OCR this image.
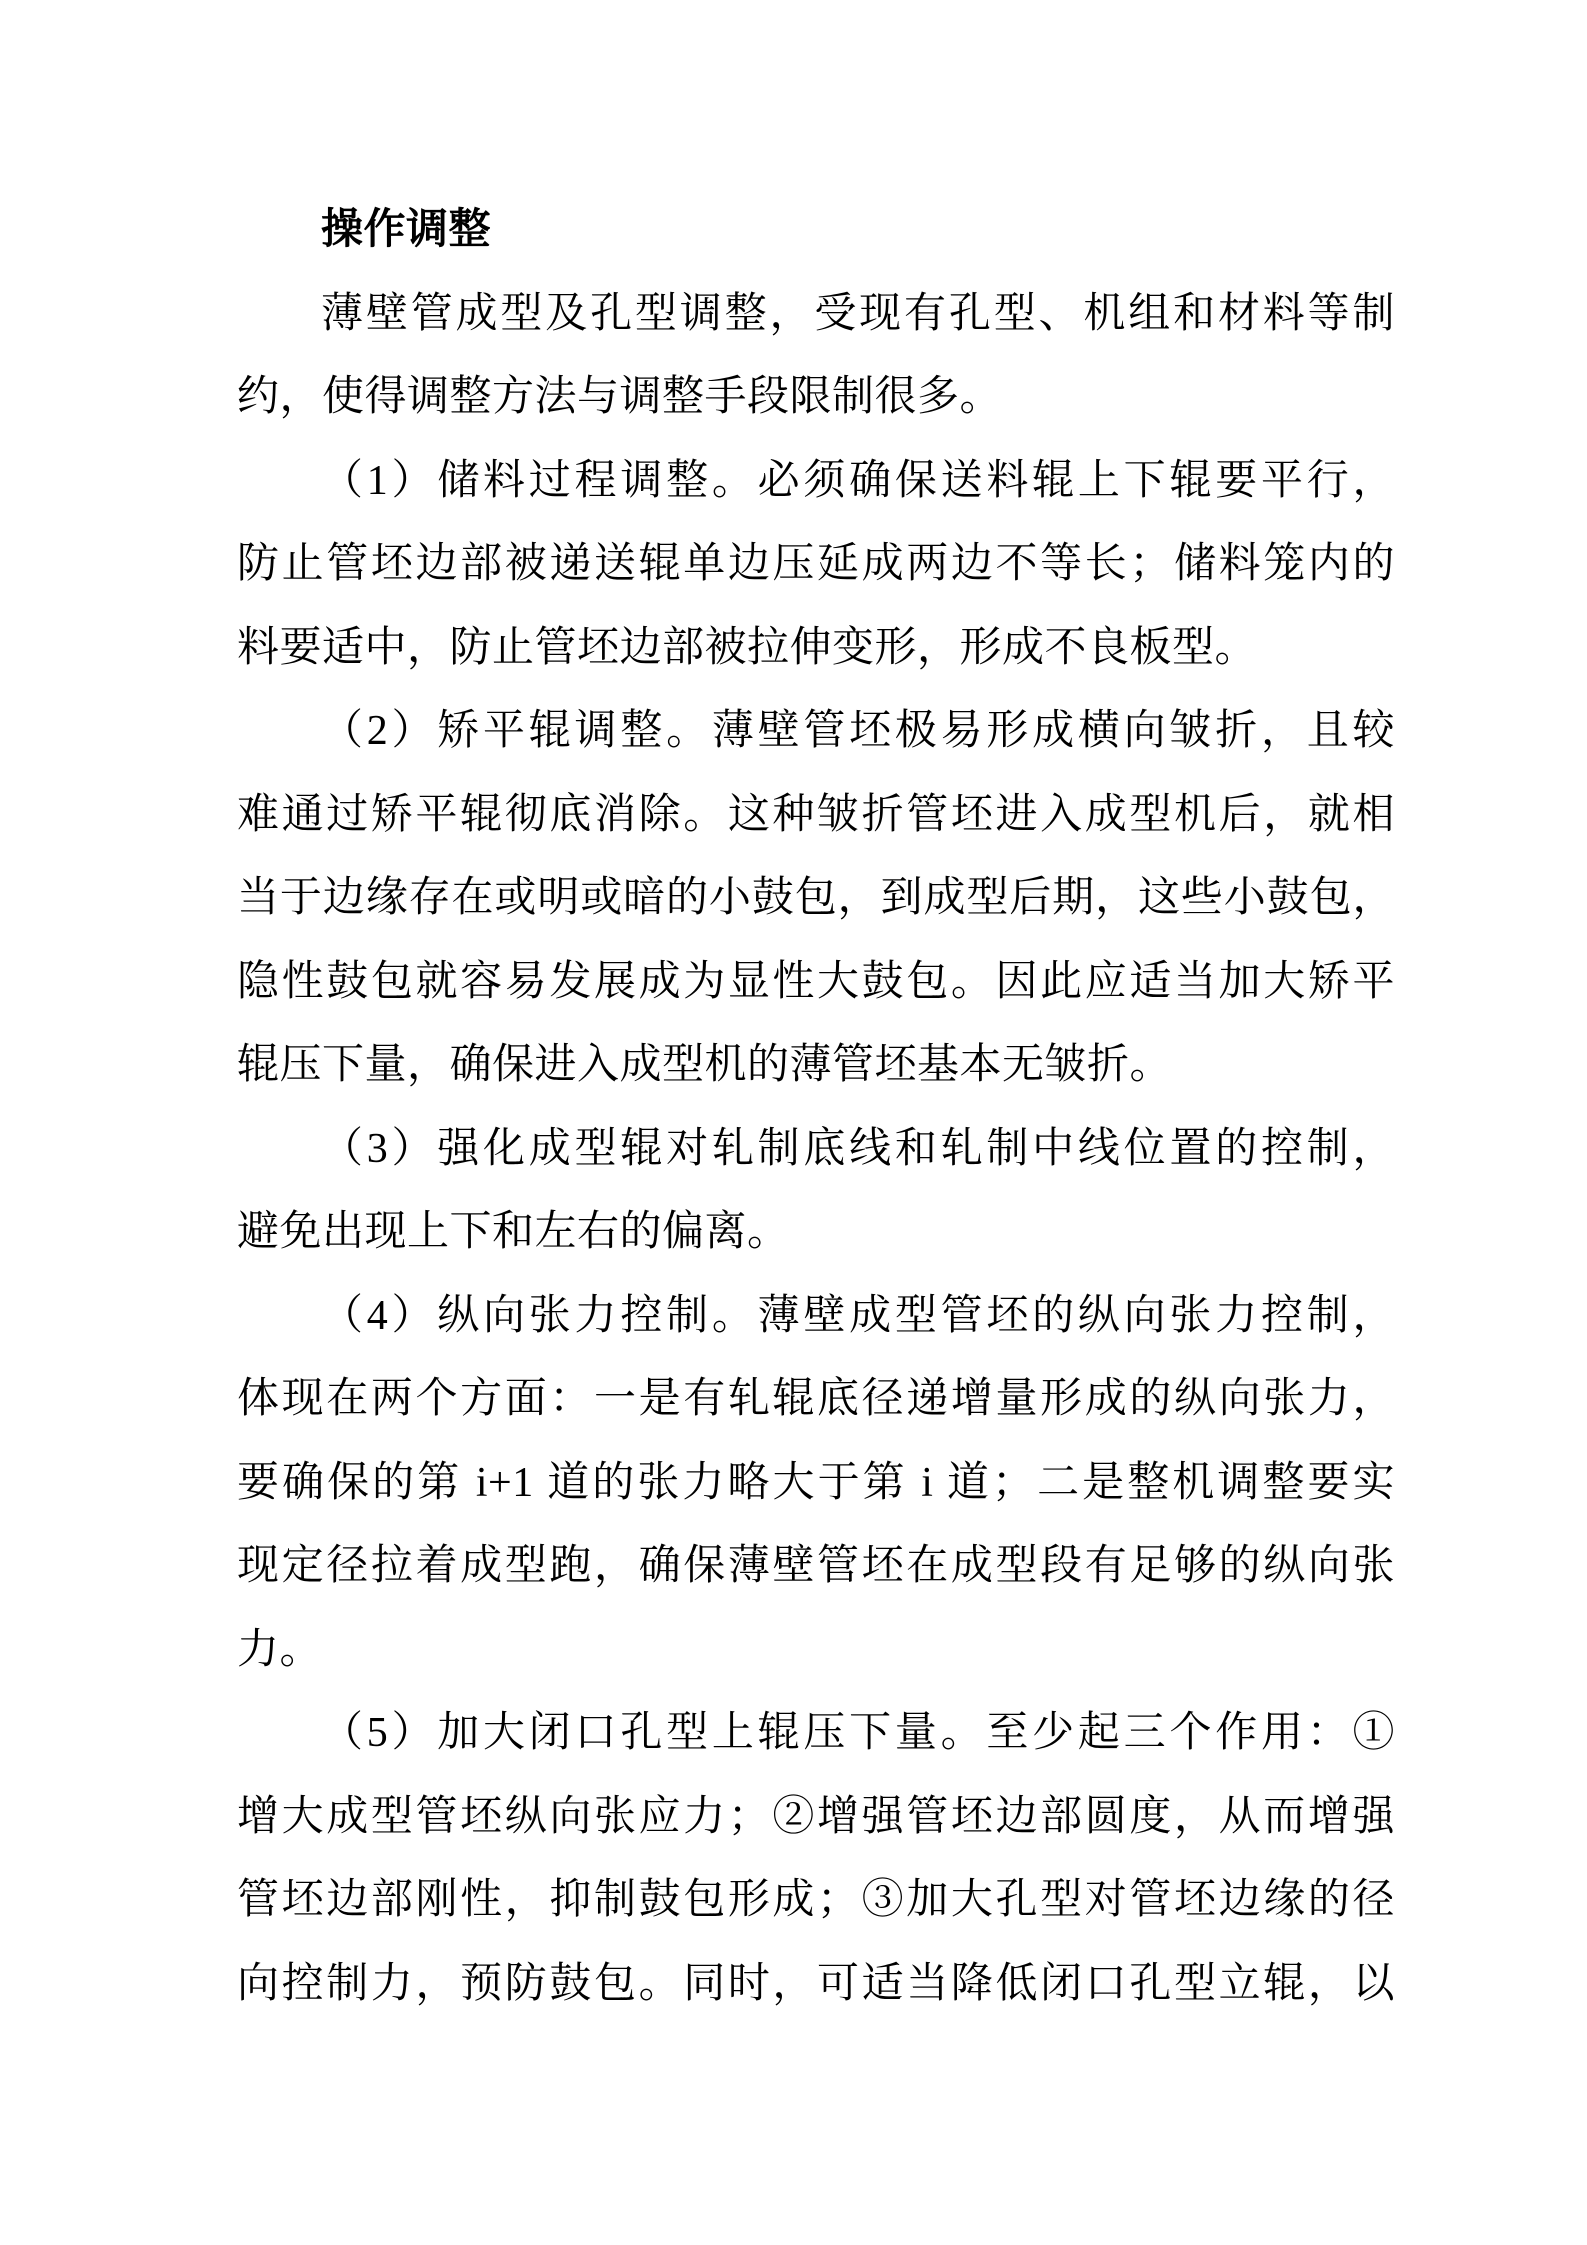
操作调整
薄壁管成型及孔型调整，受现有孔型、机组和材料等制
约，使得调整方法与调整手段限制很多。
（1）储料过程调整。必须确保送料辊上下辊要平行，
防止管坯边部被递送辊单边压延成两边不等长；储料笼内的
料要适中，防止管坯边部被拉伸变形，形成不良板型。
（2）矫平辊调整。薄壁管坯极易形成横向皱折，且较
难通过矫平辊彻底消除。这种皱折管坯进入成型机后，就相
当于边缘存在或明或暗的小鼓包，到成型后期，这些小鼓包，
隐性鼓包就容易发展成为显性大鼓包。因此应适当加大矫平
辊压下量，确保进入成型机的薄管坯基本无皱折。
（3）强化成型辊对轧制底线和轧制中线位置的控制，
避免出现上下和左右的偏离。
（4）纵向张力控制。薄壁成型管坯的纵向张力控制，
体现在两个方面：一是有轧辊底径递增量形成的纵向张力，
要确保的第 i+1 道的张力略大于第 i 道；二是整机调整要实
现定径拉着成型跑，确保薄壁管坯在成型段有足够的纵向张
力。
（5）加大闭口孔型上辊压下量。至少起三个作用：①
增大成型管坯纵向张应力；②增强管坯边部圆度，从而增强
管坯边部刚性，抑制鼓包形成；③加大孔型对管坯边缘的径
向控制力，预防鼓包。同时，可适当降低闭口孔型立辊，以
